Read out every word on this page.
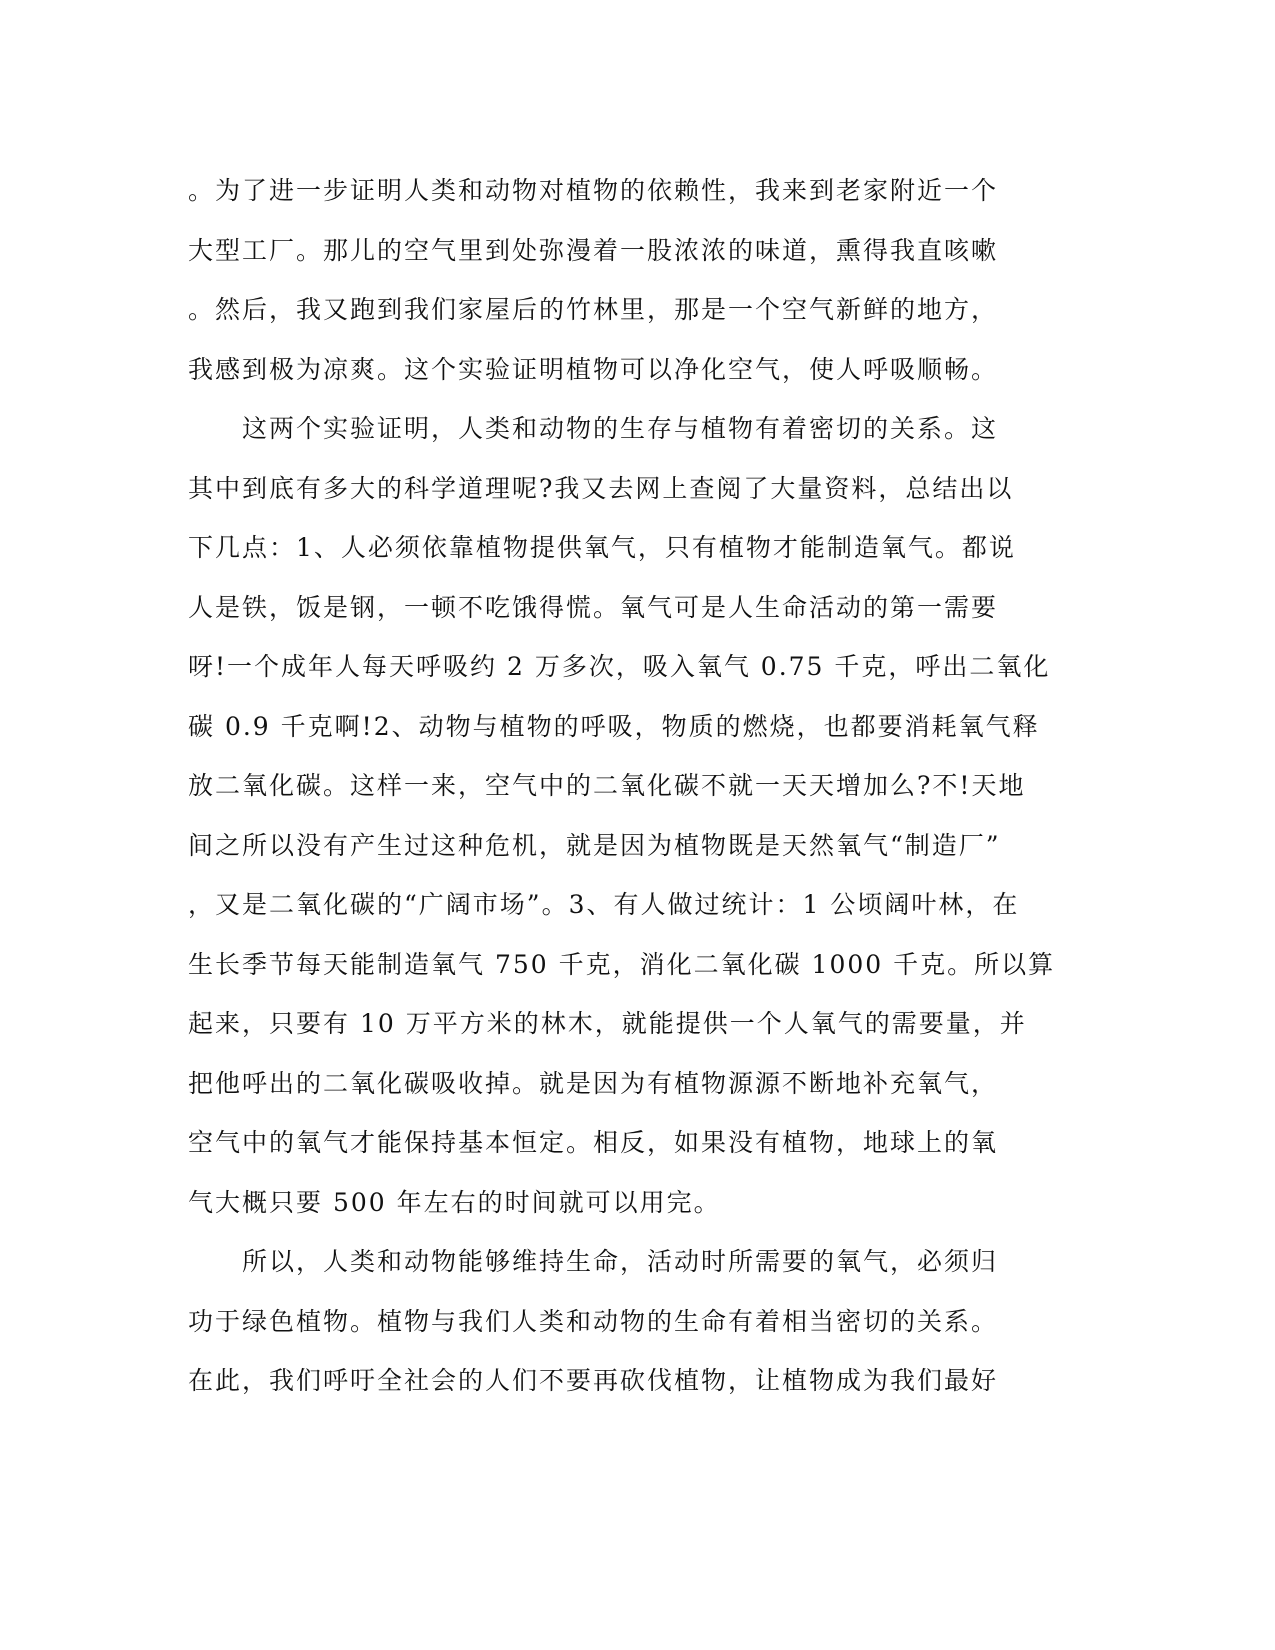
。为了进一步证明人类和动物对植物的依赖性，我来到老家附近一个
大型工厂。那儿的空气里到处弥漫着一股浓浓的味道，熏得我直咳嗽
。然后，我又跑到我们家屋后的竹林里，那是一个空气新鲜的地方，
我感到极为凉爽。这个实验证明植物可以净化空气，使人呼吸顺畅。
　　这两个实验证明，人类和动物的生存与植物有着密切的关系。这
其中到底有多大的科学道理呢?我又去网上查阅了大量资料，总结出以
下几点：1、人必须依靠植物提供氧气，只有植物才能制造氧气。都说
人是铁，饭是钢，一顿不吃饿得慌。氧气可是人生命活动的第一需要
呀!一个成年人每天呼吸约 2 万多次，吸入氧气 0.75 千克，呼出二氧化
碳 0.9 千克啊!2、动物与植物的呼吸，物质的燃烧，也都要消耗氧气释
放二氧化碳。这样一来，空气中的二氧化碳不就一天天增加么?不!天地
间之所以没有产生过这种危机，就是因为植物既是天然氧气“制造厂”
，又是二氧化碳的“广阔市场”。3、有人做过统计：1 公顷阔叶林，在
生长季节每天能制造氧气 750 千克，消化二氧化碳 1000 千克。所以算
起来，只要有 10 万平方米的林木，就能提供一个人氧气的需要量，并
把他呼出的二氧化碳吸收掉。就是因为有植物源源不断地补充氧气，
空气中的氧气才能保持基本恒定。相反，如果没有植物，地球上的氧
气大概只要 500 年左右的时间就可以用完。
　　所以，人类和动物能够维持生命，活动时所需要的氧气，必须归
功于绿色植物。植物与我们人类和动物的生命有着相当密切的关系。
在此，我们呼吁全社会的人们不要再砍伐植物，让植物成为我们最好
